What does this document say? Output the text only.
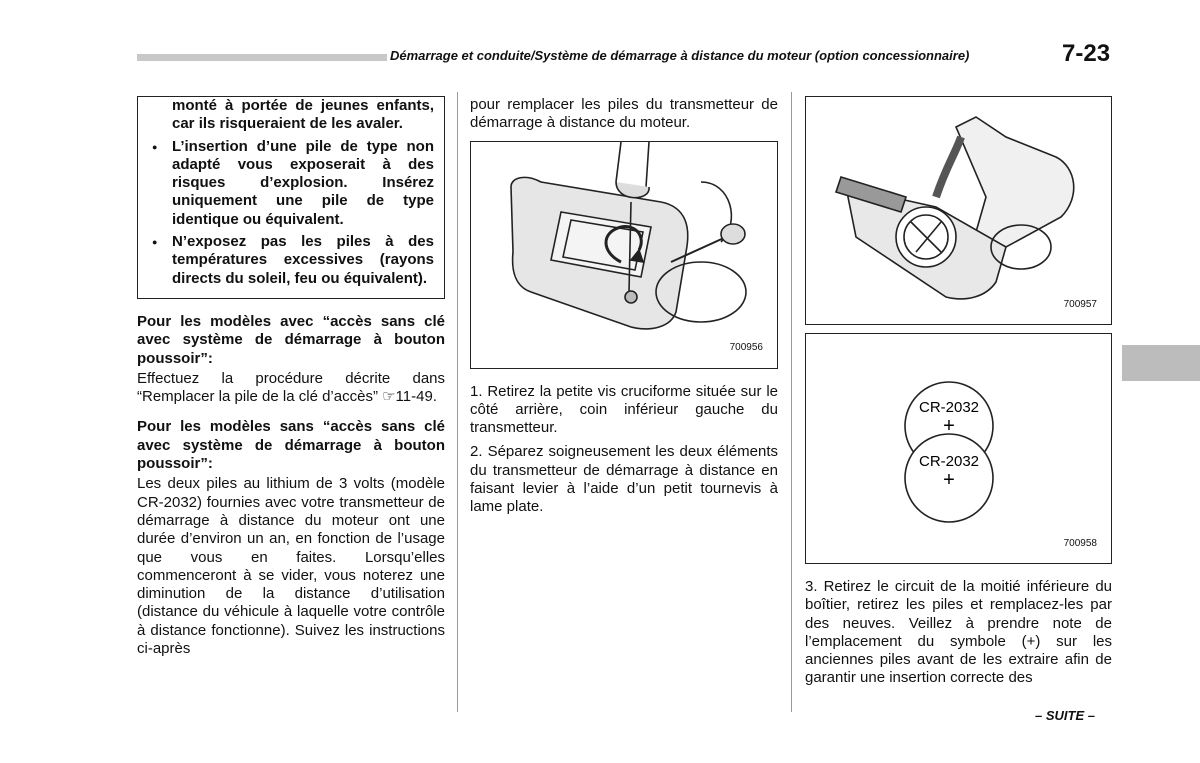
Démarrage et conduite/Système de démarrage à distance du moteur (option concessionnaire)	7-23

monté à portée de jeunes enfants, car ils risqueraient de les avaler.

● L’insertion d’une pile de type non adapté vous exposerait à des risques d’explosion. Insérez uniquement une pile de type identique ou équivalent.
● N’exposez pas les piles à des températures excessives (rayons directs du soleil, feu ou équivalent).

Pour les modèles avec “accès sans clé avec système de démarrage à bouton poussoir”:

Effectuez la procédure décrite dans “Remplacer la pile de la clé d’accès” ☞11-49.

Pour les modèles sans “accès sans clé avec système de démarrage à bouton poussoir”:

Les deux piles au lithium de 3 volts (modèle CR-2032) fournies avec votre transmetteur de démarrage à distance du moteur ont une durée d’environ un an, en fonction de l’usage que vous en faites. Lorsqu’elles commenceront à se vider, vous noterez une diminution de la distance d’utilisation (distance du véhicule à laquelle votre contrôle à distance fonctionne). Suivez les instructions ci-après

pour remplacer les piles du transmetteur de démarrage à distance du moteur.

700956

1. Retirez la petite vis cruciforme située sur le côté arrière, coin inférieur gauche du transmetteur.

2. Séparez soigneusement les deux éléments du transmetteur de démarrage à distance en faisant levier à l’aide d’un petit tournevis à lame plate.

700957
CR-2032
+
CR-2032
+
700958

3. Retirez le circuit de la moitié inférieure du boîtier, retirez les piles et remplacez-les par des neuves. Veillez à prendre note de l’emplacement du symbole (+) sur les anciennes piles avant de les extraire afin de garantir une insertion correcte des

– SUITE –
